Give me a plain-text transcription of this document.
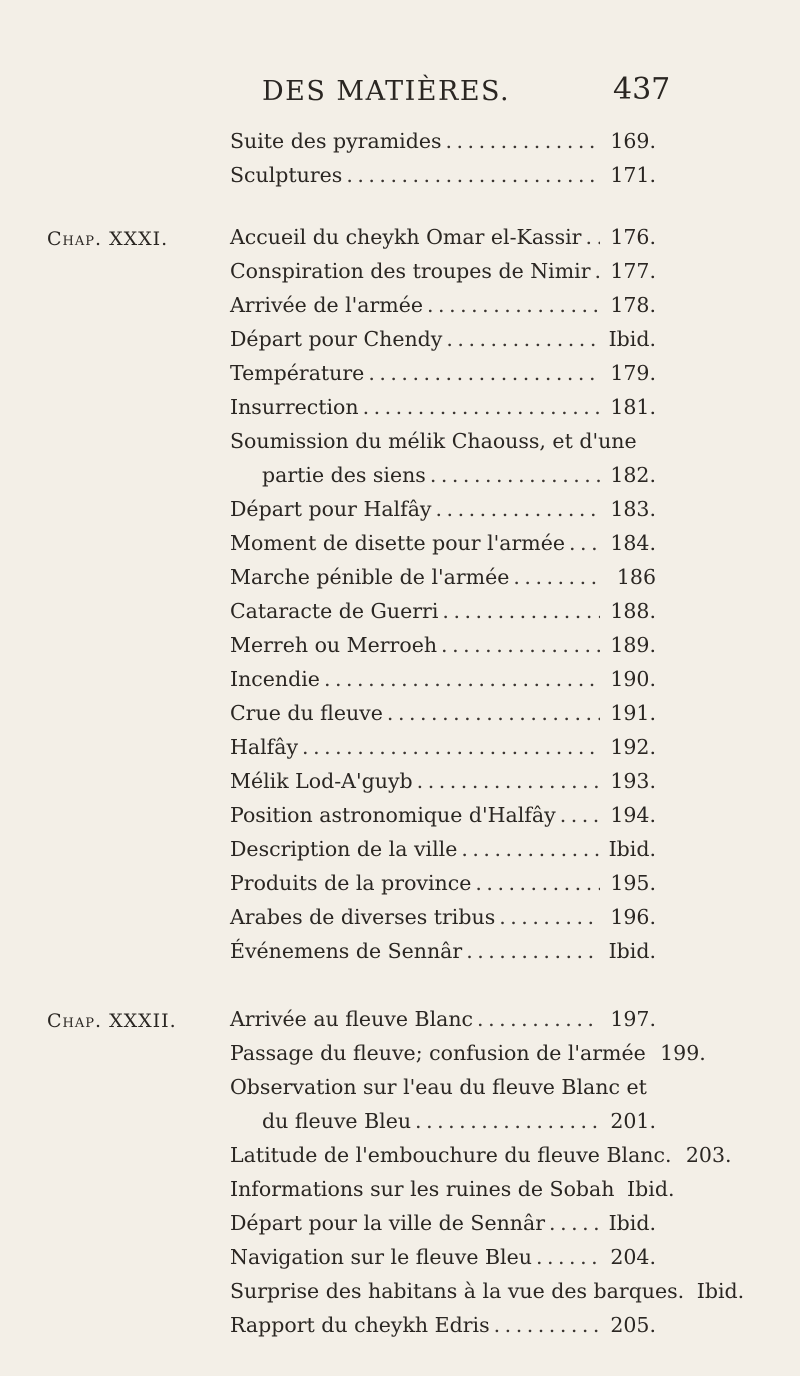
DES MATIÈRES.	437
Suite des pyramides . . .	169.
Sculptures . . .	171.
Chap. XXXI.	Accueil du cheykh Omar el-Kassir . . .	176.
Conspiration des troupes de Nimir . . . 177.
Arrivée de l'armée . . .	178.
Départ pour Chendy . . .	Ibid.
Température . . .	179.
Insurrection . . .	181.
Soumission du mélik Chaouss, et d'une
partie des siens . . .	182.
Départ pour Halfây . . .	183.
Moment de disette pour l'armée . . .	184.
Marche pénible de l'armée . . .	186
Cataracte de Guerri . . .	188.
Merreh ou Merroeh . . .	189.
Incendie . . .	190.
Crue du fleuve . . .	191.
Halfây . . .	192.
Mélik Lod-A'guyb . . .	193.
Position astronomique d'Halfây . . .	194.
Description de la ville . . .	Ibid.
Produits de la province . . .	195.
Arabes de diverses tribus . . .	196.
Événemens de Sennâr . . .	Ibid.
Chap. XXXII.	Arrivée au fleuve Blanc . . .	197.
Passage du fleuve; confusion de l'armée 199.
Observation sur l'eau du fleuve Blanc et
du fleuve Bleu . . .	201.
Latitude de l'embouchure du fleuve Blanc. 203.
Informations sur les ruines de Sobah Ibid.
Départ pour la ville de Sennâr . . .	Ibid.
Navigation sur le fleuve Bleu . . .	204.
Surprise des habitans à la vue des barques. Ibid.
Rapport du cheykh Edris . . .	205.
